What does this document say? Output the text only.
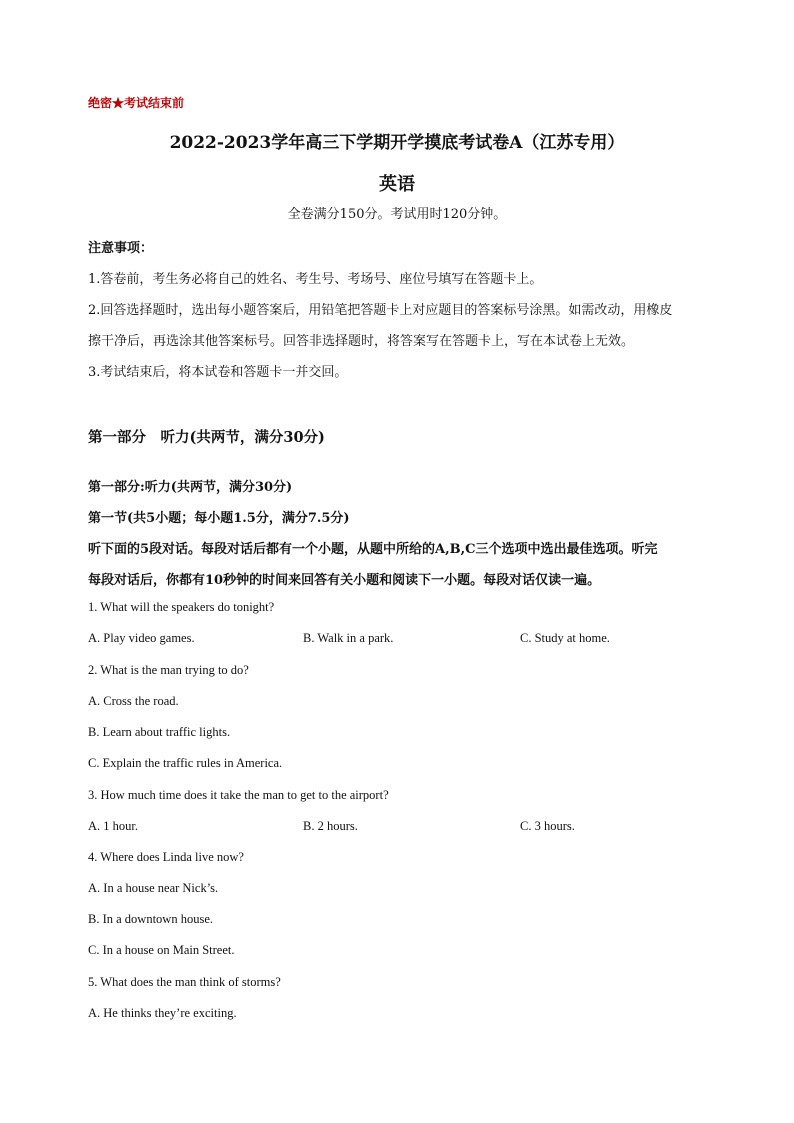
绝密★考试结束前
2022-2023学年高三下学期开学摸底考试卷A（江苏专用）
英语
全卷满分150分。考试用时120分钟。
注意事项：
1.答卷前，考生务必将自己的姓名、考生号、考场号、座位号填写在答题卡上。
2.回答选择题时，选出每小题答案后，用铅笔把答题卡上对应题目的答案标号涂黑。如需改动，用橡皮
擦干净后，再选涂其他答案标号。回答非选择题时，将答案写在答题卡上，写在本试卷上无效。
3.考试结束后，将本试卷和答题卡一并交回。
第一部分　听力(共两节，满分30分)
第一部分:听力(共两节，满分30分)
第一节(共5小题；每小题1.5分，满分7.5分)
听下面的5段对话。每段对话后都有一个小题，从题中所给的A,B,C三个选项中选出最佳选项。听完
每段对话后，你都有10秒钟的时间来回答有关小题和阅读下一小题。每段对话仅读一遍。
1. What will the speakers do tonight?
A. Play video games.	B. Walk in a park.	C. Study at home.
2. What is the man trying to do?
A. Cross the road.
B. Learn about traffic lights.
C. Explain the traffic rules in America.
3. How much time does it take the man to get to the airport?
A. 1 hour.	B. 2 hours.	C. 3 hours.
4. Where does Linda live now?
A. In a house near Nick’s.
B. In a downtown house.
C. In a house on Main Street.
5. What does the man think of storms?
A. He thinks they’re exciting.
